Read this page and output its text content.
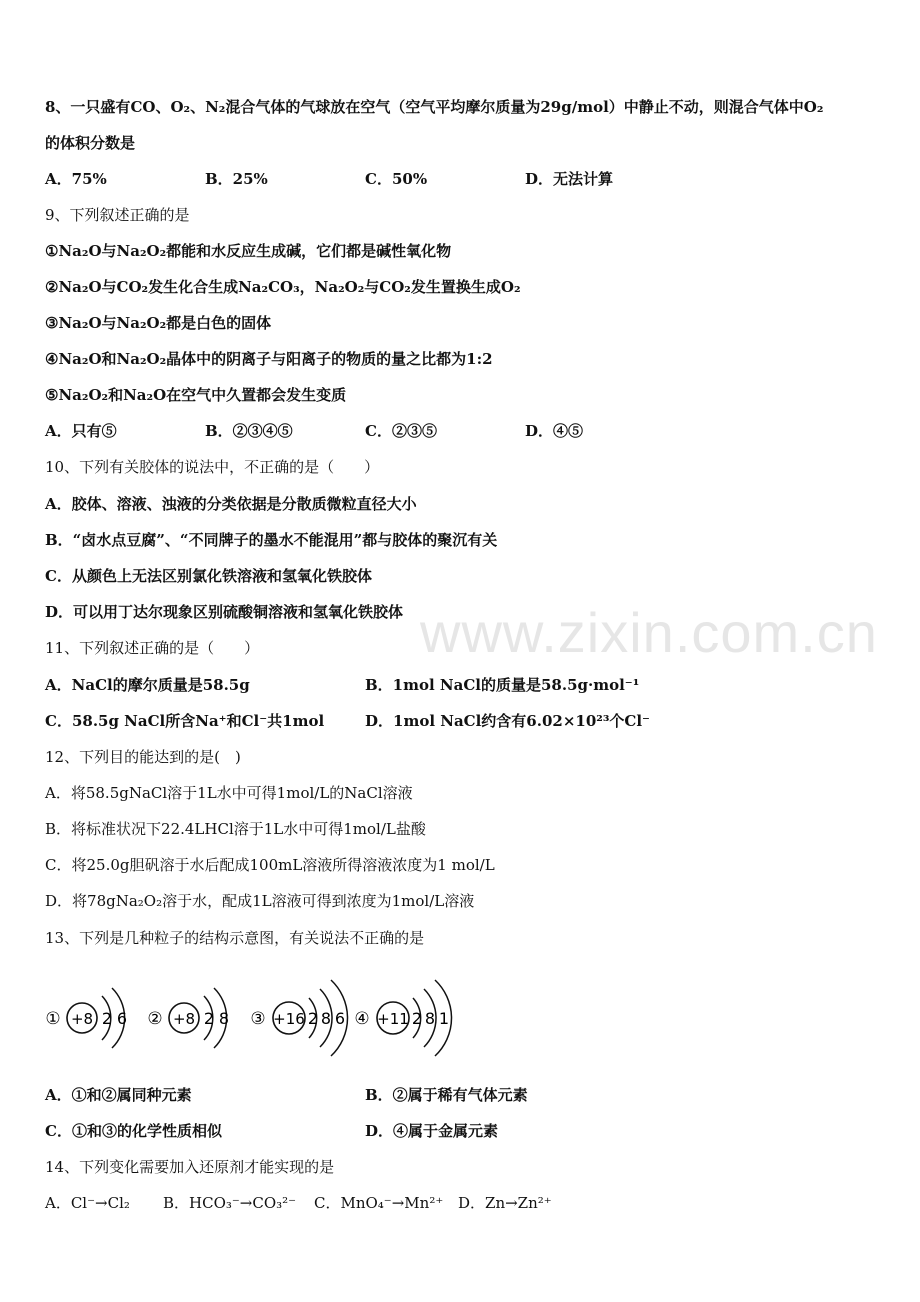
www.zixin.com.cn
8、一只盛有CO、O₂、N₂混合气体的气球放在空气（空气平均摩尔质量为29g/mol）中静止不动，则混合气体中O₂
的体积分数是
A．75%	B．25%	C．50%	D．无法计算
9、下列叙述正确的是
①Na₂O与Na₂O₂都能和水反应生成碱，它们都是碱性氧化物
②Na₂O与CO₂发生化合生成Na₂CO₃，Na₂O₂与CO₂发生置换生成O₂
③Na₂O与Na₂O₂都是白色的固体
④Na₂O和Na₂O₂晶体中的阴离子与阳离子的物质的量之比都为1:2
⑤Na₂O₂和Na₂O在空气中久置都会发生变质
A．只有⑤	B．②③④⑤	C．②③⑤	D．④⑤
10、下列有关胶体的说法中，不正确的是（　　）
A．胶体、溶液、浊液的分类依据是分散质微粒直径大小
B．“卤水点豆腐”、“不同牌子的墨水不能混用”都与胶体的聚沉有关
C．从颜色上无法区别氯化铁溶液和氢氧化铁胶体
D．可以用丁达尔现象区别硫酸铜溶液和氢氧化铁胶体
11、下列叙述正确的是（　　）
A．NaCl的摩尔质量是58.5g	B．1mol NaCl的质量是58.5g·mol⁻¹
C．58.5g NaCl所含Na⁺和Cl⁻共1mol	D．1mol NaCl约含有6.02×10²³个Cl⁻
12、下列目的能达到的是(　)
A．将58.5gNaCl溶于1L水中可得1mol/L的NaCl溶液
B．将标准状况下22.4LHCl溶于1L水中可得1mol/L盐酸
C．将25.0g胆矾溶于水后配成100mL溶液所得溶液浓度为1 mol/L
D．将78gNa₂O₂溶于水，配成1L溶液可得到浓度为1mol/L溶液
13、下列是几种粒子的结构示意图，有关说法不正确的是
① +8 2 6 ② +8 2 8 ③ +16 2 8 6 ④ +11 2 8 1
A．①和②属同种元素	B．②属于稀有气体元素
C．①和③的化学性质相似	D．④属于金属元素
14、下列变化需要加入还原剂才能实现的是
A．Cl⁻→Cl₂ B．HCO₃⁻→CO₃²⁻ C．MnO₄⁻→Mn²⁺ D．Zn→Zn²⁺
